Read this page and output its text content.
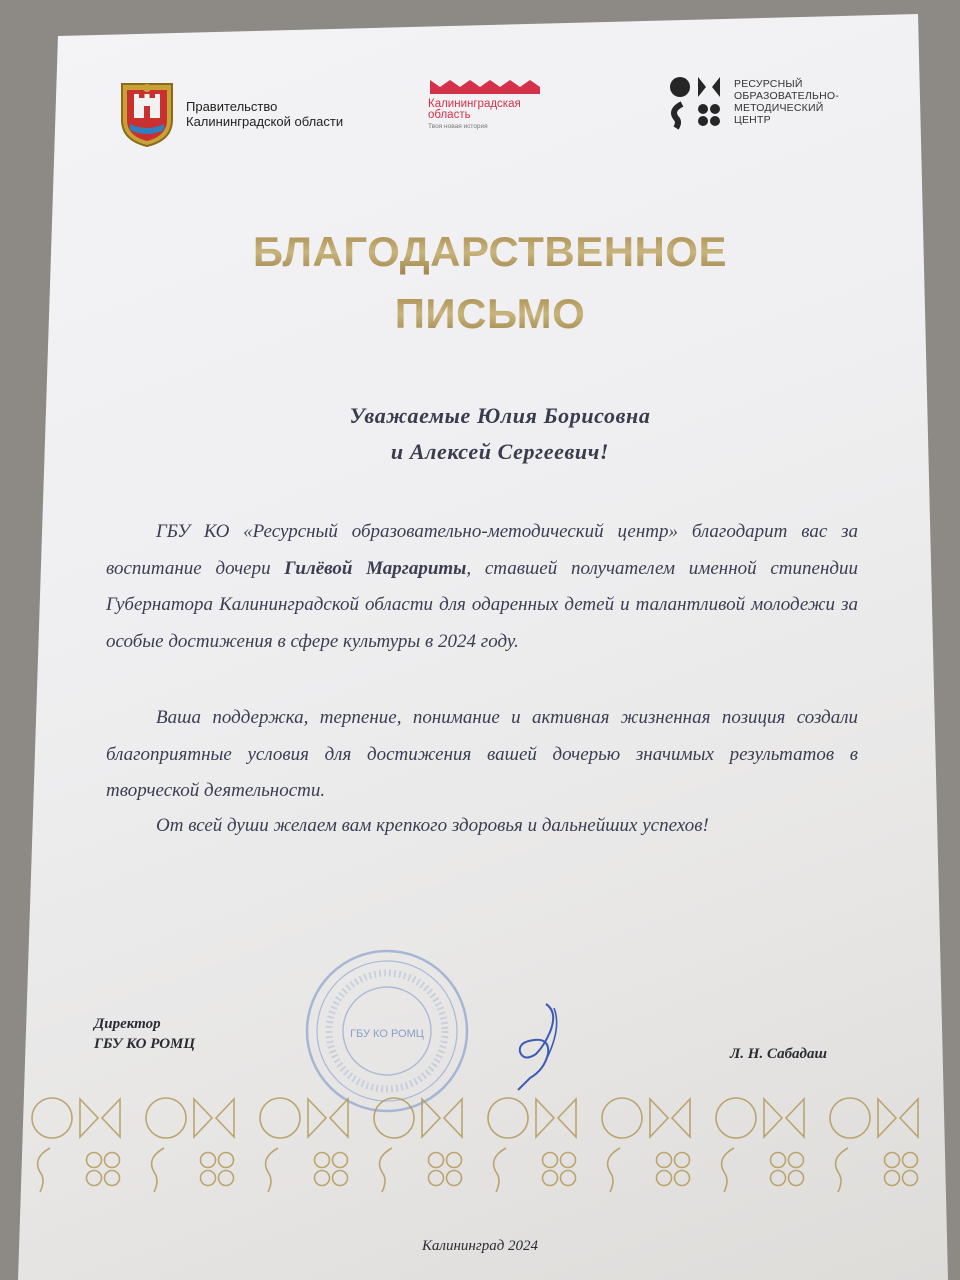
Правительство
Калининградской области
Калининградская
область
Твоя новая история
РЕСУРСНЫЙ
ОБРАЗОВАТЕЛЬНО-
МЕТОДИЧЕСКИЙ
ЦЕНТР
БЛАГОДАРСТВЕННОЕ
ПИСЬМО
Уважаемые Юлия Борисовна
и Алексей Сергеевич!
ГБУ КО «Ресурсный образовательно-методический центр» благодарит вас за воспитание дочери Гилёвой Маргариты, ставшей получателем именной стипендии Губернатора Калининградской области для одаренных детей и талантливой молодежи за особые достижения в сфере культуры в 2024 году.
Ваша поддержка, терпение, понимание и активная жизненная позиция создали благоприятные условия для достижения вашей дочерью значимых результатов в творческой деятельности.
От всей души желаем вам крепкого здоровья и дальнейших успехов!
ГБУ КО РОМЦ
Директор
ГБУ КО РОМЦ
Л. Н. Сабадаш
Калининград 2024
